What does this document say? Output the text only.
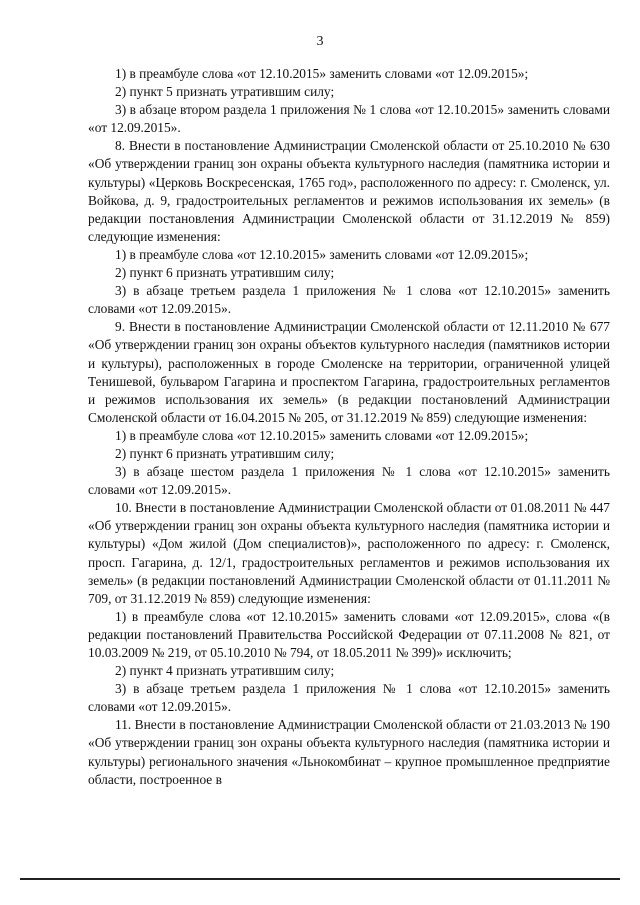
3

1) в преамбуле слова «от 12.10.2015» заменить словами «от 12.09.2015»;

2) пункт 5 признать утратившим силу;

3) в абзаце втором раздела 1 приложения № 1 слова «от 12.10.2015» заменить словами «от 12.09.2015».

8. Внести в постановление Администрации Смоленской области от 25.10.2010 № 630 «Об утверждении границ зон охраны объекта культурного наследия (памятника истории и культуры) «Церковь Воскресенская, 1765 год», расположенного по адресу: г. Смоленск, ул. Войкова, д. 9, градостроительных регламентов и режимов использования их земель» (в редакции постановления Администрации Смоленской области от 31.12.2019 № 859) следующие изменения:

1) в преамбуле слова «от 12.10.2015» заменить словами «от 12.09.2015»;

2) пункт 6 признать утратившим силу;

3) в абзаце третьем раздела 1 приложения № 1 слова «от 12.10.2015» заменить словами «от 12.09.2015».

9. Внести в постановление Администрации Смоленской области от 12.11.2010 № 677 «Об утверждении границ зон охраны объектов культурного наследия (памятников истории и культуры), расположенных в городе Смоленске на территории, ограниченной улицей Тенишевой, бульваром Гагарина и проспектом Гагарина, градостроительных регламентов и режимов использования их земель» (в редакции постановлений Администрации Смоленской области от 16.04.2015 № 205, от 31.12.2019 № 859) следующие изменения:

1) в преамбуле слова «от 12.10.2015» заменить словами «от 12.09.2015»;

2) пункт 6 признать утратившим силу;

3) в абзаце шестом раздела 1 приложения № 1 слова «от 12.10.2015» заменить словами «от 12.09.2015».

10. Внести в постановление Администрации Смоленской области от 01.08.2011 № 447 «Об утверждении границ зон охраны объекта культурного наследия (памятника истории и культуры) «Дом жилой (Дом специалистов)», расположенного по адресу: г. Смоленск, просп. Гагарина, д. 12/1, градостроительных регламентов и режимов использования их земель» (в редакции постановлений Администрации Смоленской области от 01.11.2011 № 709, от 31.12.2019 № 859) следующие изменения:

1) в преамбуле слова «от 12.10.2015» заменить словами «от 12.09.2015», слова «(в редакции постановлений Правительства Российской Федерации от 07.11.2008 № 821, от 10.03.2009 № 219, от 05.10.2010 № 794, от 18.05.2011 № 399)» исключить;

2) пункт 4 признать утратившим силу;

3) в абзаце третьем раздела 1 приложения № 1 слова «от 12.10.2015» заменить словами «от 12.09.2015».

11. Внести в постановление Администрации Смоленской области от 21.03.2013 № 190 «Об утверждении границ зон охраны объекта культурного наследия (памятника истории и культуры) регионального значения «Льнокомбинат – крупное промышленное предприятие области, построенное в
